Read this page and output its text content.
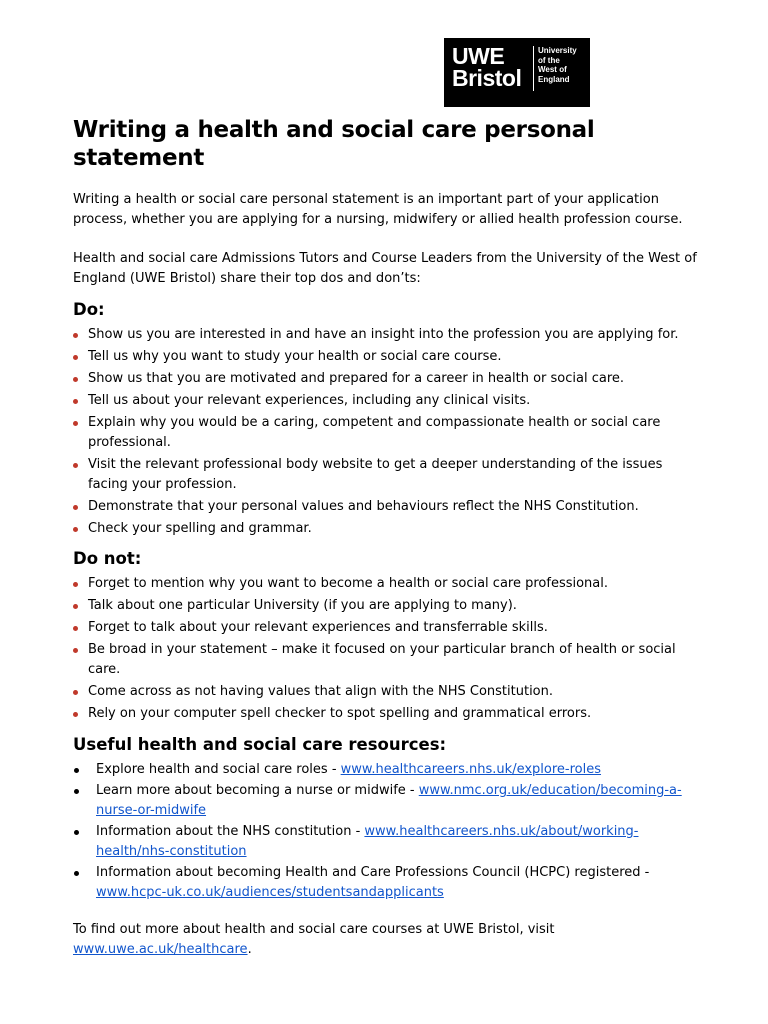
UWE
Bristol
University
of the
West of
England
Writing a health and social care personal statement

Writing a health or social care personal statement is an important part of your application process, whether you are applying for a nursing, midwifery or allied health profession course.

Health and social care Admissions Tutors and Course Leaders from the University of the West of England (UWE Bristol) share their top dos and don’ts:

Do:
Show us you are interested in and have an insight into the profession you are applying for.
Tell us why you want to study your health or social care course.
Show us that you are motivated and prepared for a career in health or social care.
Tell us about your relevant experiences, including any clinical visits.
Explain why you would be a caring, competent and compassionate health or social care professional.
Visit the relevant professional body website to get a deeper understanding of the issues facing your profession.
Demonstrate that your personal values and behaviours reflect the NHS Constitution.
Check your spelling and grammar.
Do not:
Forget to mention why you want to become a health or social care professional.
Talk about one particular University (if you are applying to many).
Forget to talk about your relevant experiences and transferrable skills.
Be broad in your statement – make it focused on your particular branch of health or social care.
Come across as not having values that align with the NHS Constitution.
Rely on your computer spell checker to spot spelling and grammatical errors.
Useful health and social care resources:
Explore health and social care roles - www.healthcareers.nhs.uk/explore-roles
Learn more about becoming a nurse or midwife - www.nmc.org.uk/education/becoming-a-nurse-or-midwife
Information about the NHS constitution - www.healthcareers.nhs.uk/about/working-health/nhs-constitution
Information about becoming Health and Care Professions Council (HCPC) registered - www.hcpc-uk.co.uk/audiences/studentsandapplicants

To find out more about health and social care courses at UWE Bristol, visit www.uwe.ac.uk/healthcare.
